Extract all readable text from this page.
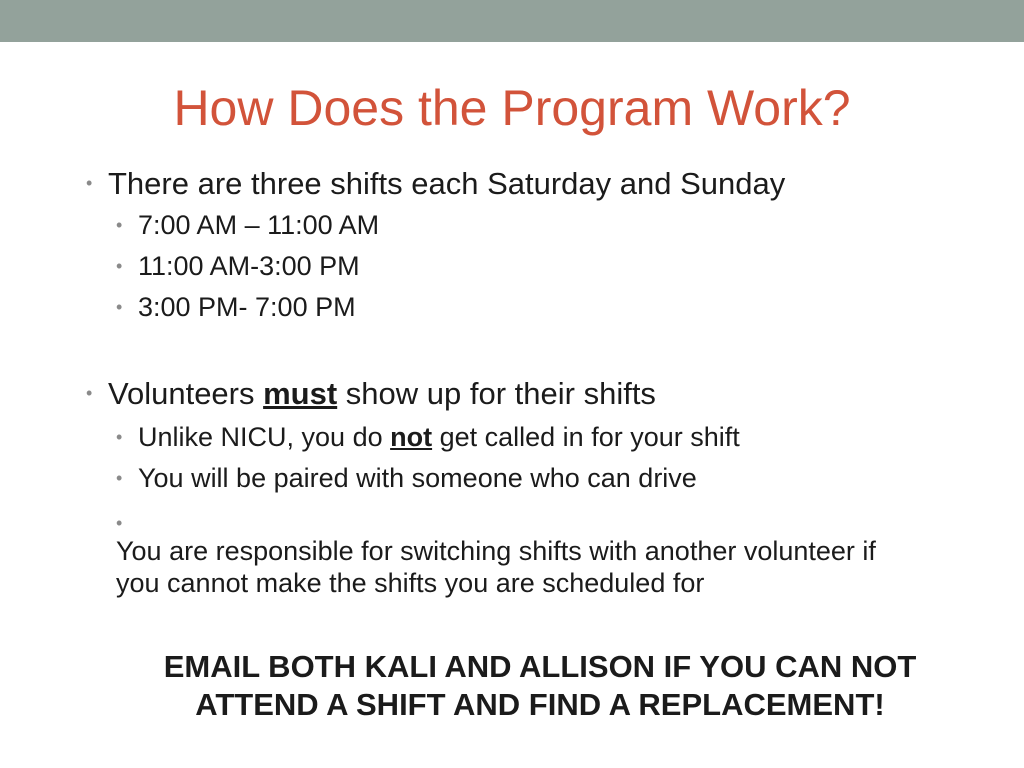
How Does the Program Work?
• There are three shifts each Saturday and Sunday
• 7:00 AM – 11:00 AM
• 11:00 AM-3:00 PM
• 3:00 PM- 7:00 PM
• Volunteers must show up for their shifts
• Unlike NICU, you do not get called in for your shift
• You will be paired with someone who can drive
•You are responsible for switching shifts with another volunteer if you cannot make the shifts you are scheduled for
EMAIL BOTH KALI AND ALLISON IF YOU CAN NOT ATTEND A SHIFT AND FIND A REPLACEMENT!
